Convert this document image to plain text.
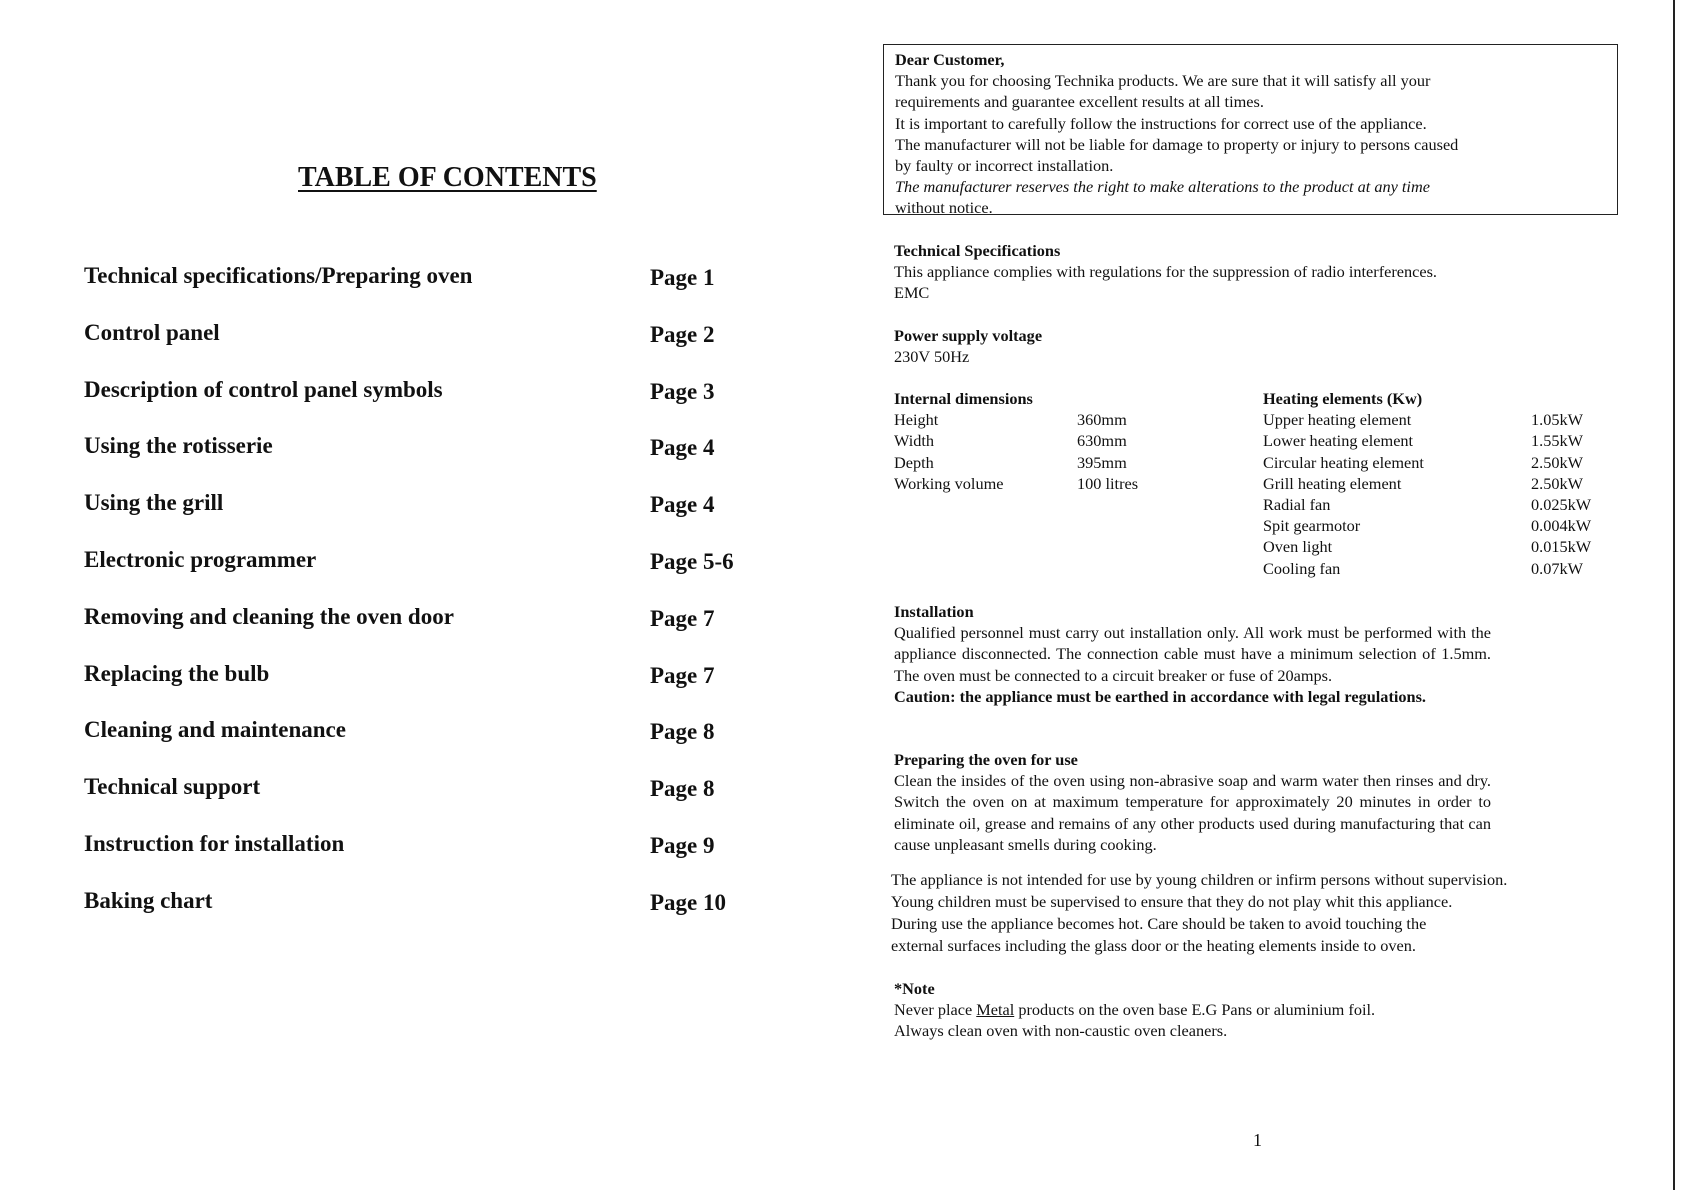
TABLE OF CONTENTS
Technical specifications/Preparing oven	Page 1
Control panel	Page 2
Description of control panel symbols	Page 3
Using the rotisserie	Page 4
Using the grill	Page 4
Electronic programmer	Page 5-6
Removing and cleaning the oven door	Page 7
Replacing the bulb	Page 7
Cleaning and maintenance	Page 8
Technical support	Page 8
Instruction for installation	Page 9
Baking chart	Page 10

Dear Customer,

Thank you for choosing Technika products. We are sure that it will satisfy all your

requirements and guarantee excellent results at all times.

It is important to carefully follow the instructions for correct use of the appliance.

The manufacturer will not be liable for damage to property or injury to persons caused

by faulty or incorrect installation.

The manufacturer reserves the right to make alterations to the product at any time

without notice.

Technical Specifications

This appliance complies with regulations for the suppression of radio interferences.

EMC

Power supply voltage

230V 50Hz

Internal dimensions

Height	360mm
Width	630mm
Depth	395mm
Working volume	100 litres

Heating elements (Kw)

Upper heating element	1.05kW
Lower heating element	1.55kW
Circular heating element	2.50kW
Grill heating element	2.50kW
Radial fan	0.025kW
Spit gearmotor	0.004kW
Oven light	0.015kW
Cooling fan	0.07kW

Installation

Qualified personnel must carry out installation only. All work must be performed with the appliance disconnected. The connection cable must have a minimum selection of 1.5mm. The oven must be connected to a circuit breaker or fuse of 20amps.

Caution: the appliance must be earthed in accordance with legal regulations.

Preparing the oven for use

Clean the insides of the oven using non-abrasive soap and warm water then rinses and dry. Switch the oven on at maximum temperature for approximately 20 minutes in order to eliminate oil, grease and remains of any other products used during manufacturing that can cause unpleasant smells during cooking.

The appliance is not intended for use by young children or infirm persons without supervision.

Young children must be supervised to ensure that they do not play whit this appliance.

During use the appliance becomes hot. Care should be taken to avoid touching the

external surfaces including the glass door or the heating elements inside to oven.

*Note

Never place Metal products on the oven base E.G Pans or aluminium foil.

Always clean oven with non-caustic oven cleaners.

1
